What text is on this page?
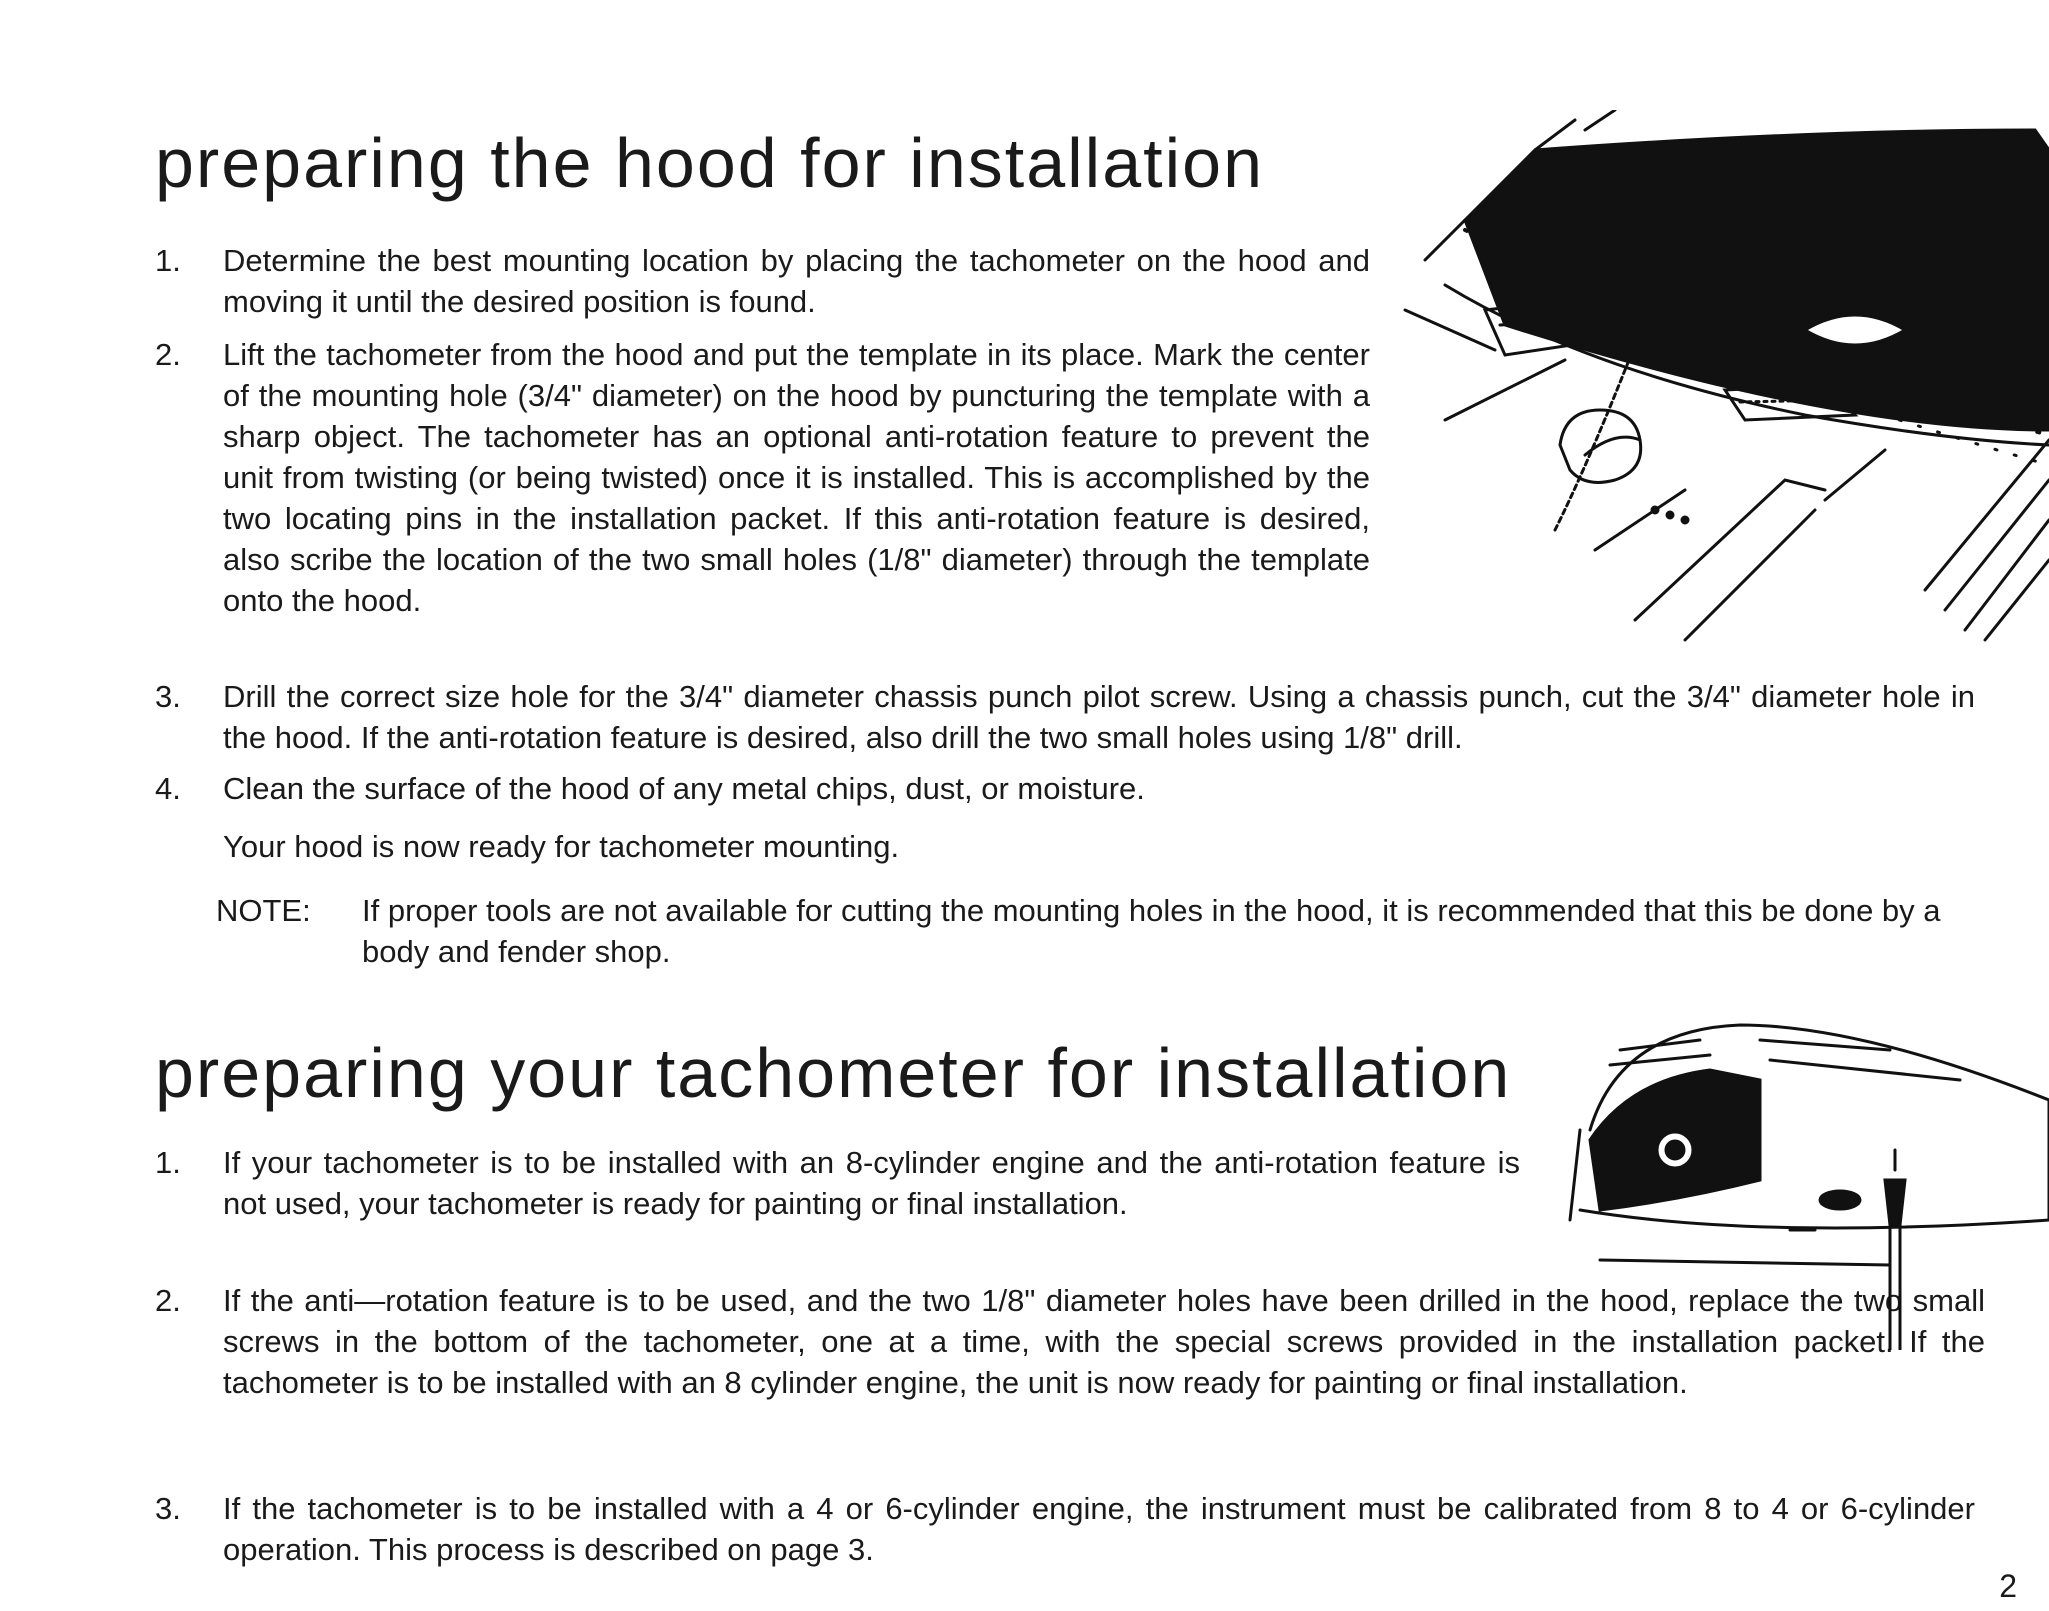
preparing the hood for installation
1. Determine the best mounting location by placing the tachometer on the hood and moving it until the desired position is found.
2. Lift the tachometer from the hood and put the template in its place. Mark the center of the mounting hole (3/4" diameter) on the hood by puncturing the template with a sharp object. The tachometer has an optional anti-rotation feature to prevent the unit from twisting (or being twisted) once it is installed. This is accomplished by the two locating pins in the installation packet. If this anti-rotation feature is desired, also scribe the location of the two small holes (1/8" diameter) through the template onto the hood.
3. Drill the correct size hole for the 3/4" diameter chassis punch pilot screw. Using a chassis punch, cut the 3/4" diameter hole in the hood. If the anti-rotation feature is desired, also drill the two small holes using 1/8" drill.
4. Clean the surface of the hood of any metal chips, dust, or moisture.
Your hood is now ready for tachometer mounting.
NOTE: If proper tools are not available for cutting the mounting holes in the hood, it is recommended that this be done by a body and fender shop.
preparing your tachometer for installation
1. If your tachometer is to be installed with an 8-cylinder engine and the anti-rotation feature is not used, your tachometer is ready for painting or final installation.
2. If the anti—rotation feature is to be used, and the two 1/8" diameter holes have been drilled in the hood, replace the two small screws in the bottom of the tachometer, one at a time, with the special screws provided in the installation packet. If the tachometer is to be installed with an 8 cylinder engine, the unit is now ready for painting or final installation.
3. If the tachometer is to be installed with a 4 or 6-cylinder engine, the instrument must be calibrated from 8 to 4 or 6-cylinder operation. This process is described on page 3.
2
